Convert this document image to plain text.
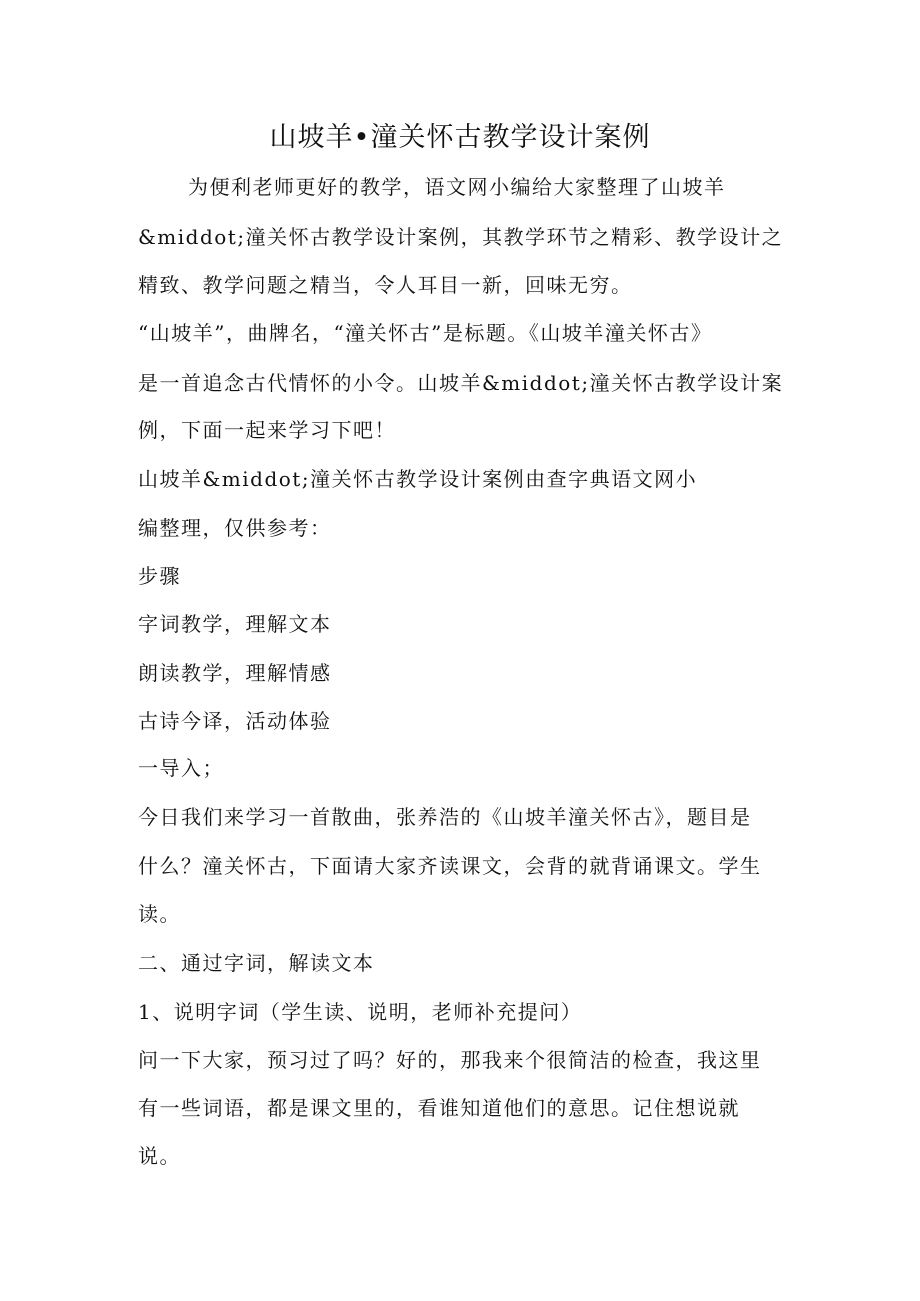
山坡羊•潼关怀古教学设计案例
为便利老师更好的教学，语文网小编给大家整理了山坡羊
&middot;潼关怀古教学设计案例，其教学环节之精彩、教学设计之
精致、教学问题之精当，令人耳目一新，回味无穷。
“山坡羊”，曲牌名，“潼关怀古”是标题。《山坡羊潼关怀古》
是一首追念古代情怀的小令。山坡羊&middot;潼关怀古教学设计案
例，下面一起来学习下吧！
山坡羊&middot;潼关怀古教学设计案例由查字典语文网小
编整理，仅供参考：
步骤
字词教学，理解文本
朗读教学，理解情感
古诗今译，活动体验
一导入；
今日我们来学习一首散曲，张养浩的《山坡羊潼关怀古》，题目是
什么？潼关怀古，下面请大家齐读课文，会背的就背诵课文。学生
读。
二、通过字词，解读文本
1、说明字词（学生读、说明，老师补充提问）
问一下大家，预习过了吗？好的，那我来个很简洁的检查，我这里
有一些词语，都是课文里的，看谁知道他们的意思。记住想说就
说。
